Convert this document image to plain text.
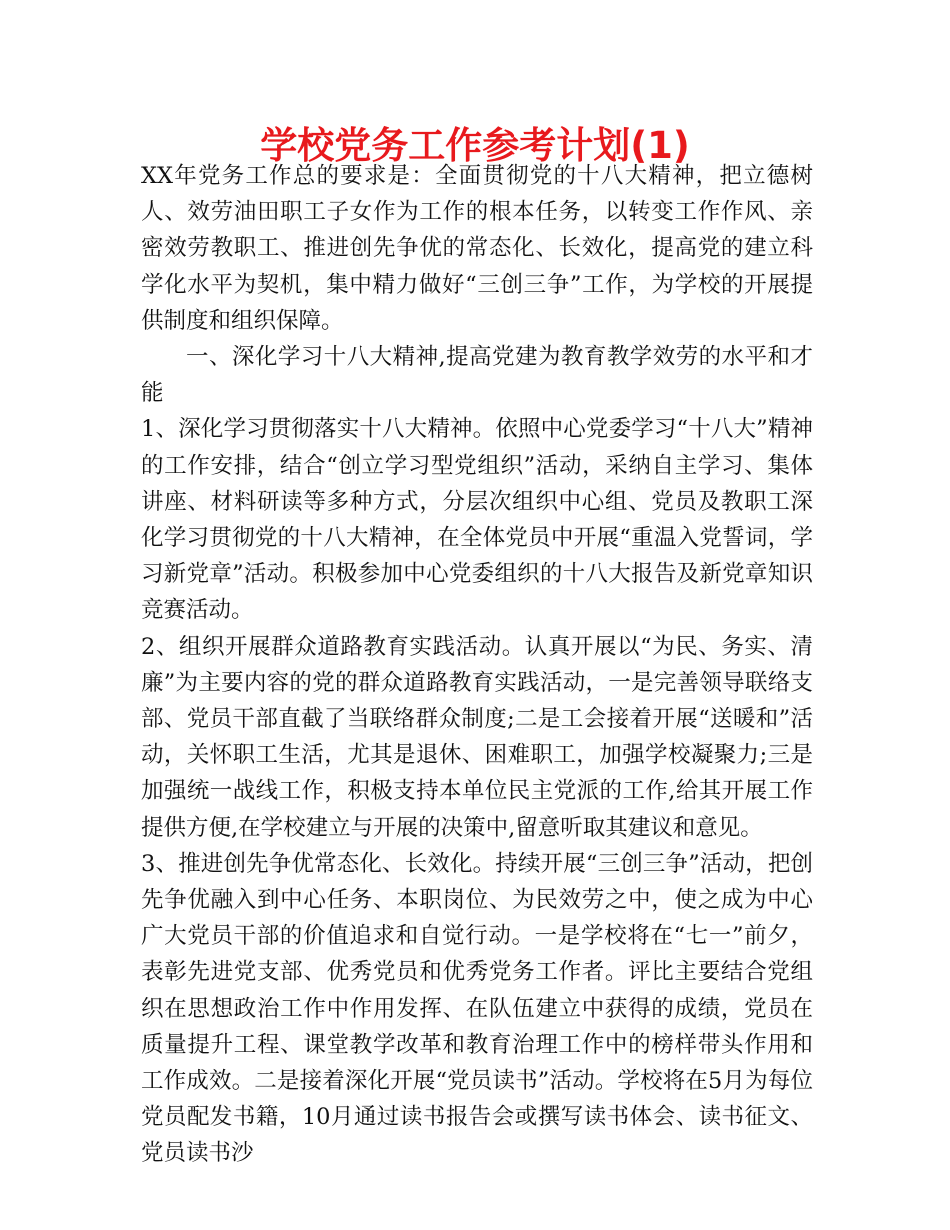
学校党务工作参考计划(1)

XX年党务工作总的要求是：全面贯彻党的十八大精神，把立德树人、效劳油田职工子女作为工作的根本任务，以转变工作作风、亲密效劳教职工、推进创先争优的常态化、长效化，提高党的建立科学化水平为契机，集中精力做好“三创三争”工作，为学校的开展提供制度和组织保障。

一、深化学习十八大精神,提高党建为教育教学效劳的水平和才能

1、深化学习贯彻落实十八大精神。依照中心党委学习“十八大”精神的工作安排，结合“创立学习型党组织”活动，采纳自主学习、集体讲座、材料研读等多种方式，分层次组织中心组、党员及教职工深化学习贯彻党的十八大精神，在全体党员中开展“重温入党誓词，学习新党章”活动。积极参加中心党委组织的十八大报告及新党章知识竞赛活动。

2、组织开展群众道路教育实践活动。认真开展以“为民、务实、清廉”为主要内容的党的群众道路教育实践活动，一是完善领导联络支部、党员干部直截了当联络群众制度;二是工会接着开展“送暖和”活动，关怀职工生活，尤其是退休、困难职工，加强学校凝聚力;三是加强统一战线工作，积极支持本单位民主党派的工作,给其开展工作提供方便,在学校建立与开展的决策中,留意听取其建议和意见。

3、推进创先争优常态化、长效化。持续开展“三创三争”活动，把创先争优融入到中心任务、本职岗位、为民效劳之中，使之成为中心广大党员干部的价值追求和自觉行动。一是学校将在“七一”前夕，表彰先进党支部、优秀党员和优秀党务工作者。评比主要结合党组织在思想政治工作中作用发挥、在队伍建立中获得的成绩，党员在质量提升工程、课堂教学改革和教育治理工作中的榜样带头作用和工作成效。二是接着深化开展“党员读书”活动。学校将在5月为每位党员配发书籍，10月通过读书报告会或撰写读书体会、读书征文、党员读书沙
